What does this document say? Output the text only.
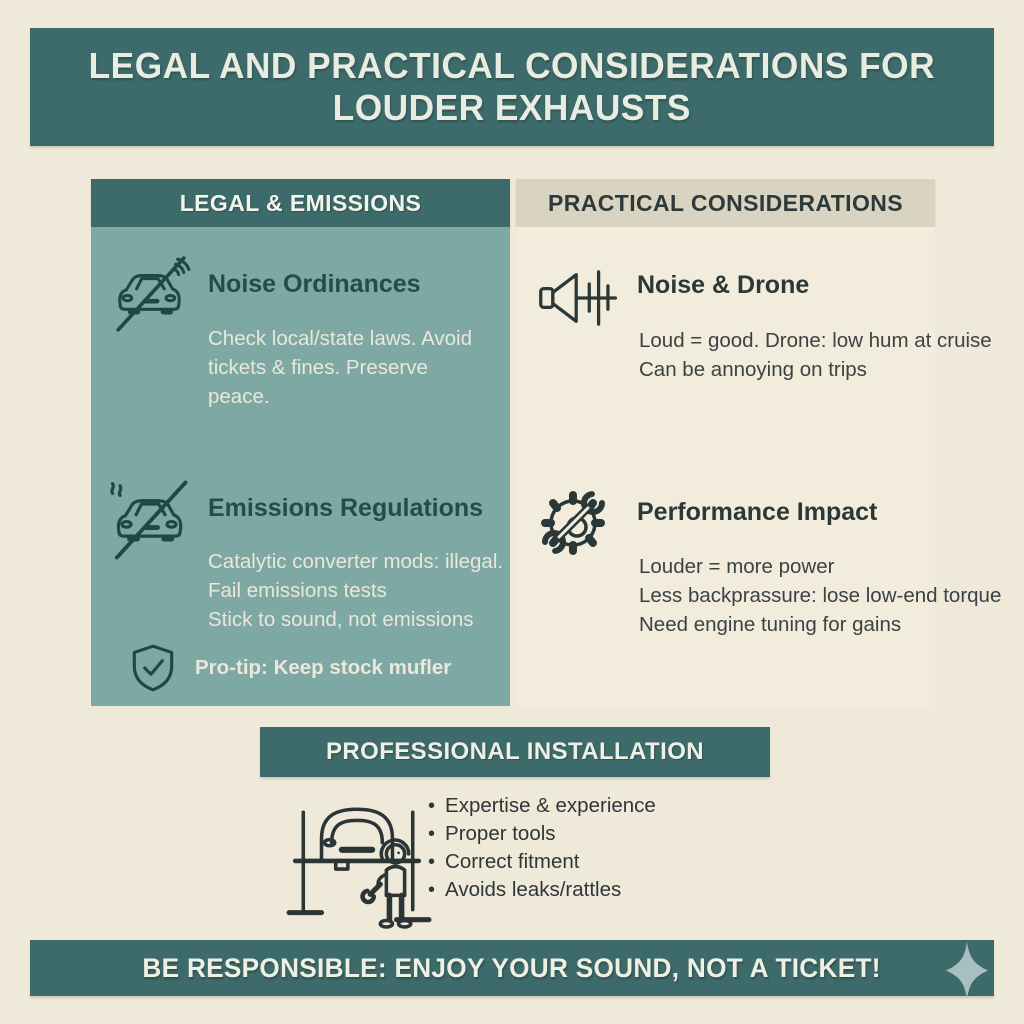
LEGAL AND PRACTICAL CONSIDERATIONS FOR
LOUDER EXHAUSTS
LEGAL & EMISSIONS	PRACTICAL CONSIDERATIONS
Noise Ordinances
Check local/state laws. Avoid
tickets & fines. Preserve
peace.
Emissions Regulations
Catalytic converter mods: illegal.
Fail emissions tests
Stick to sound, not emissions
Pro-tip: Keep stock mufler
Noise & Drone
Loud = good. Drone: low hum at cruise
Can be annoying on trips
Performance Impact
Louder = more power
Less backprassure: lose low-end torque
Need engine tuning for gains
PROFESSIONAL INSTALLATION
• Expertise & experience
• Proper tools
• Correct fitment
• Avoids leaks/rattles
BE RESPONSIBLE: ENJOY YOUR SOUND, NOT A TICKET!
